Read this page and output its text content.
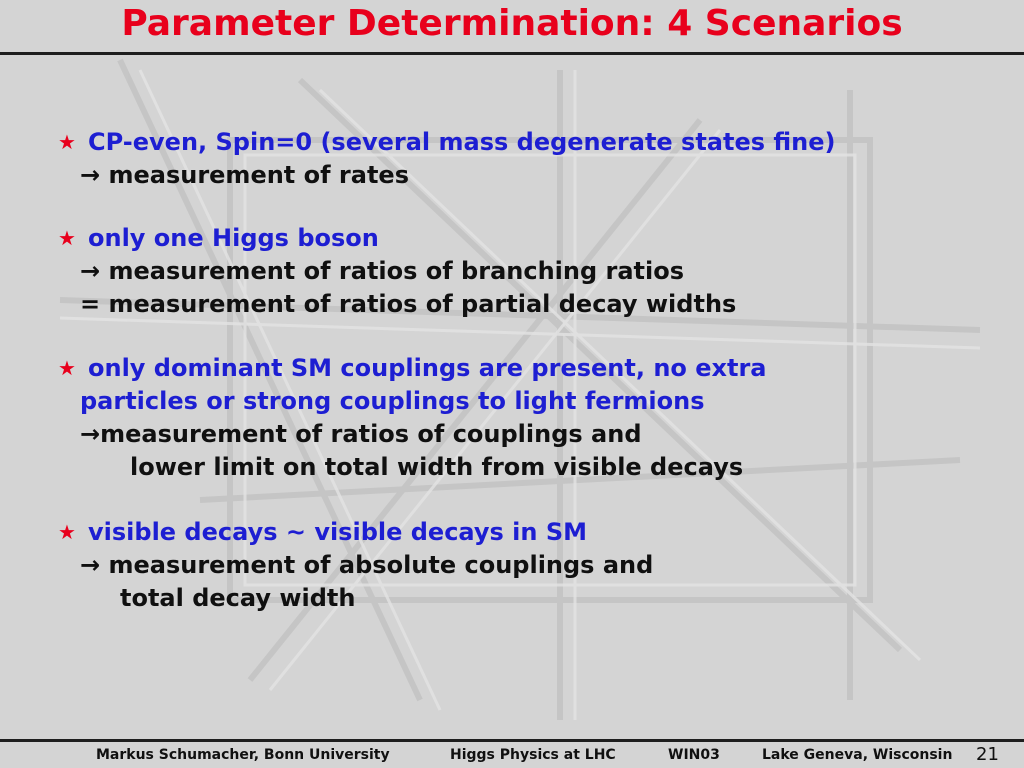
Parameter Determination: 4 Scenarios
★ CP-even, Spin=0 (several mass degenerate states fine)
→ measurement of rates
★ only one Higgs boson
→ measurement of ratios of branching ratios
= measurement of ratios of partial decay widths
★ only dominant SM couplings are present, no extra
particles or strong couplings to light fermions
→measurement of ratios of couplings and
lower limit on total width from visible decays
★ visible decays ~ visible decays in SM
→ measurement of absolute couplings and
total decay width
Markus Schumacher, Bonn University	Higgs Physics at LHC	WIN03	Lake Geneva, Wisconsin 21
